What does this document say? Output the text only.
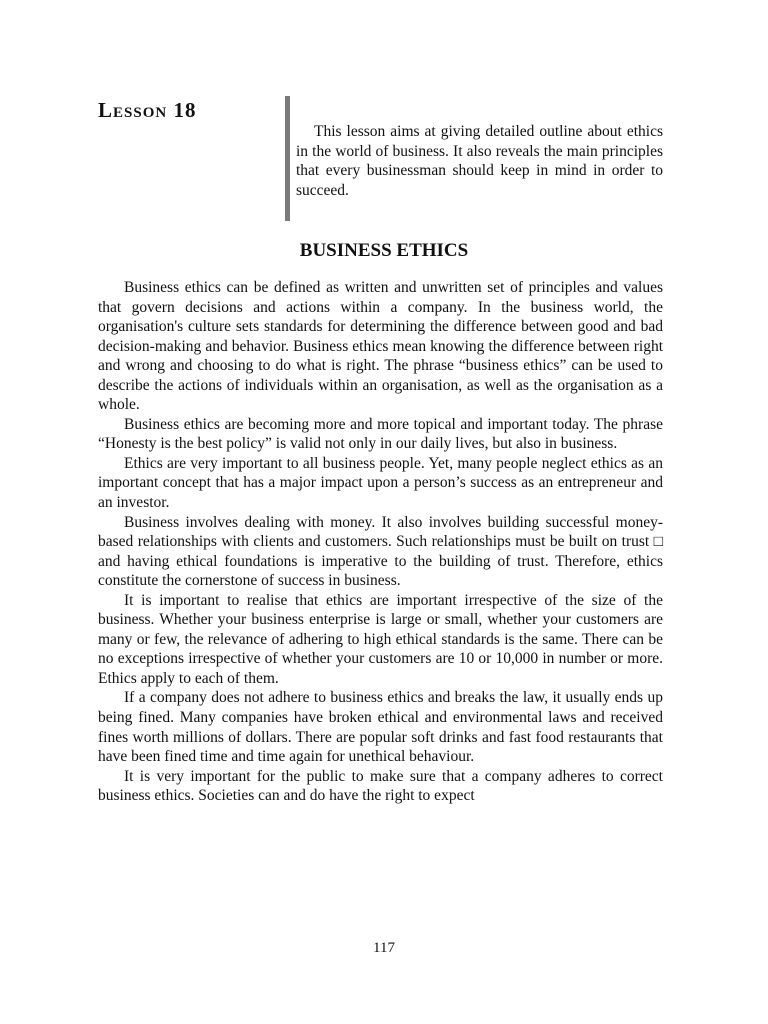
Lesson 18

This lesson aims at giving detailed outline about ethics in the world of business. It also reveals the main principles that every businessman should keep in mind in order to succeed.

BUSINESS ETHICS

Business ethics can be defined as written and unwritten set of principles and values that govern decisions and actions within a company. In the business world, the organisation's culture sets standards for determining the difference between good and bad decision-making and behavior. Business ethics mean knowing the difference between right and wrong and choosing to do what is right. The phrase “business ethics” can be used to describe the actions of individuals within an organisation, as well as the organisation as a whole.

Business ethics are becoming more and more topical and important today. The phrase “Honesty is the best policy” is valid not only in our daily lives, but also in business.

Ethics are very important to all business people. Yet, many people neglect ethics as an important concept that has a major impact upon a person’s success as an entrepreneur and an investor.

Business involves dealing with money. It also involves building successful money-based relationships with clients and customers. Such relationships must be built on trust □ and having ethical foundations is imperative to the building of trust. Therefore, ethics constitute the cornerstone of success in business.

It is important to realise that ethics are important irrespective of the size of the business. Whether your business enterprise is large or small, whether your customers are many or few, the relevance of adhering to high ethical standards is the same. There can be no exceptions irrespective of whether your customers are 10 or 10,000 in number or more. Ethics apply to each of them.

If a company does not adhere to business ethics and breaks the law, it usually ends up being fined. Many companies have broken ethical and environmental laws and received fines worth millions of dollars. There are popular soft drinks and fast food restaurants that have been fined time and time again for unethical behaviour.

It is very important for the public to make sure that a company adheres to correct business ethics. Societies can and do have the right to expect

117
